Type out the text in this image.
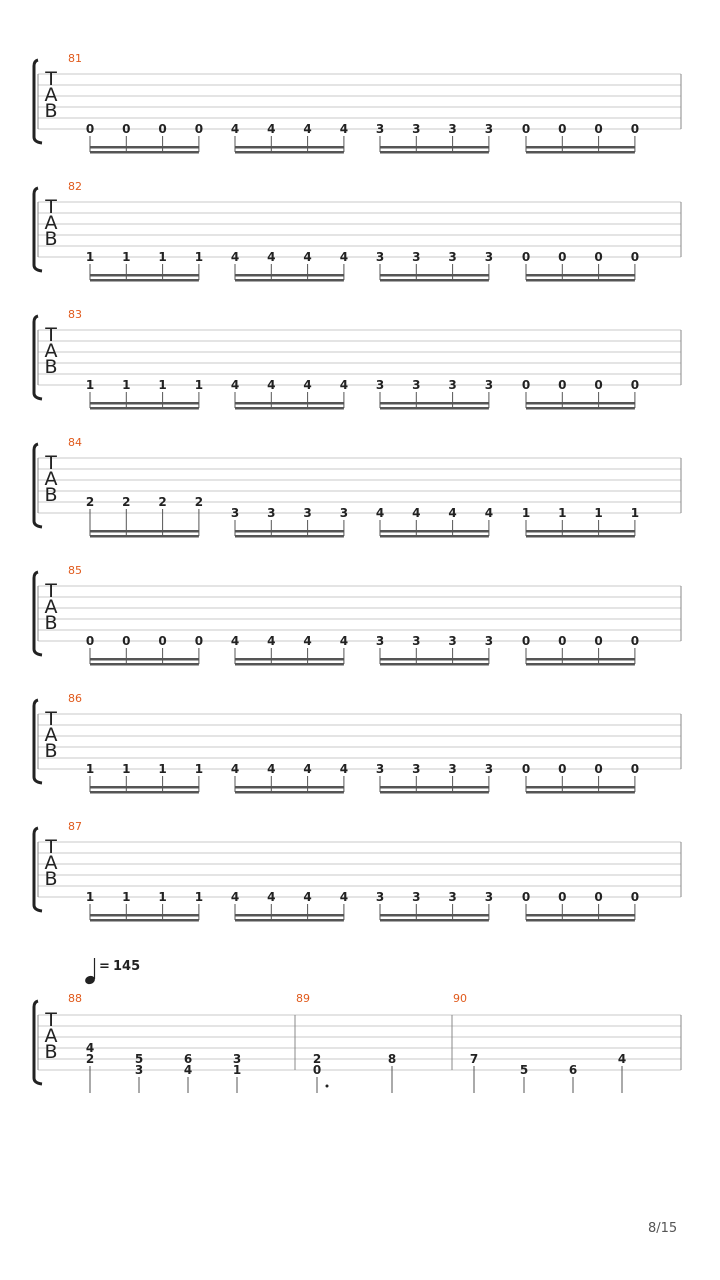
T
A
B
81
0 0 0 0 4 4 4 4 3 3 3 3 0 0 0 0
T
A
B
82
1 1 1 1 4 4 4 4 3 3 3 3 0 0 0 0
T
A
B
83
1 1 1 1 4 4 4 4 3 3 3 3 0 0 0 0
T
A
B
84
2 2 2 2
3 3 3 3 4 4 4 4 1 1 1 1
T
A
B
85
0 0 0 0 4 4 4 4 3 3 3 3 0 0 0 0
T
A
B
86
1 1 1 1 4 4 4 4 3 3 3 3 0 0 0 0
T
A
B
87
1 1 1 1 4 4 4 4 3 3 3 3 0 0 0 0
T
A
B
= 145
88	89	90
4
2	5
3
6
4
3
1
2
0
8	7
5	6
4
8/15
